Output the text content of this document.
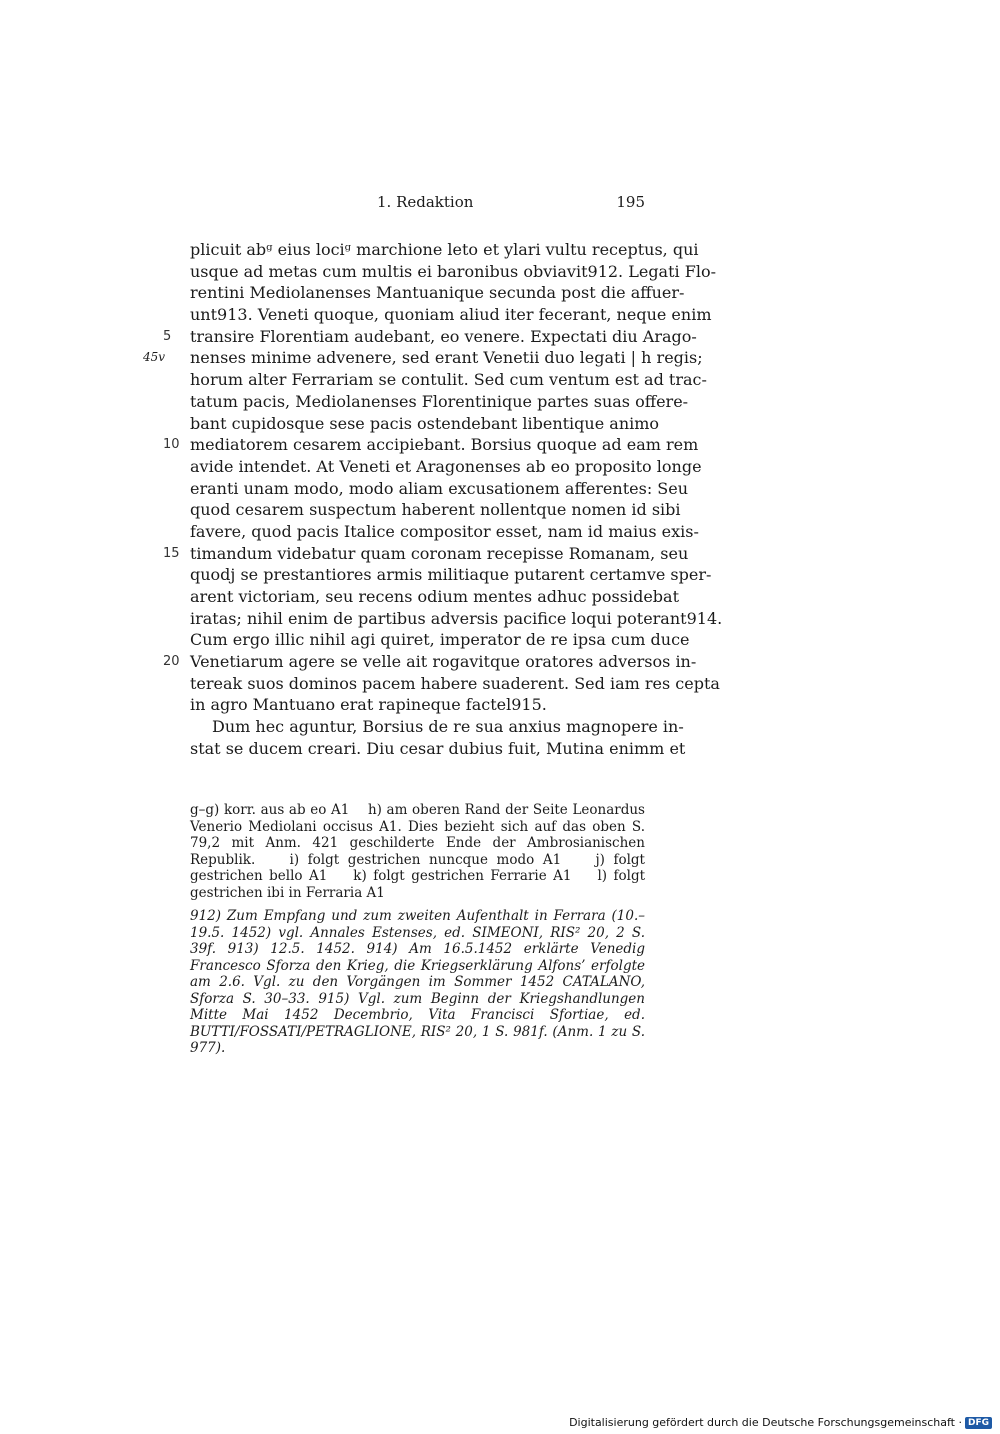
1. Redaktion	195
plicuit abᵍ eius lociᵍ marchione leto et ylari vultu receptus, qui
usque ad metas cum multis ei baronibus obviavit912. Legati Flo-
rentini Mediolanenses Mantuanique secunda post die affuer-
unt913. Veneti quoque, quoniam aliud iter fecerant, neque enim
5 transire Florentiam audebant, eo venere. Expectati diu Arago-
45v nenses minime advenere, sed erant Venetii duo legati | h regis;
horum alter Ferrariam se contulit. Sed cum ventum est ad trac-
tatum pacis, Mediolanenses Florentinique partes suas offere-
bant cupidosque sese pacis ostendebant libentique animo
10 mediatorem cesarem accipiebant. Borsius quoque ad eam rem
avide intendet. At Veneti et Aragonenses ab eo proposito longe
eranti unam modo, modo aliam excusationem afferentes: Seu
quod cesarem suspectum haberent nollentque nomen id sibi
favere, quod pacis Italice compositor esset, nam id maius exis-
15 timandum videbatur quam coronam recepisse Romanam, seu
quodj se prestantiores armis militiaque putarent certamve sper-
arent victoriam, seu recens odium mentes adhuc possidebat
iratas; nihil enim de partibus adversis pacifice loqui poterant914.
Cum ergo illic nihil agi quiret, imperator de re ipsa cum duce
20 Venetiarum agere se velle ait rogavitque oratores adversos in-
tereak suos dominos pacem habere suaderent. Sed iam res cepta
in agro Mantuano erat rapineque factel915.
Dum hec aguntur, Borsius de re sua anxius magnopere in-
stat se ducem creari. Diu cesar dubius fuit, Mutina enimm et
g–g) korr. aus ab eo A1 h) am oberen Rand der Seite Leonardus Venerio Mediolani occisus A1. Dies bezieht sich auf das oben S. 79,2 mit Anm. 421 geschilderte Ende der Ambrosianischen Republik.	i) folgt gestrichen nuncque modo A1	j) folgt gestrichen bello A1 k) folgt gestrichen Ferrarie A1 l) folgt gestrichen ibi in Ferraria A1
912) Zum Empfang und zum zweiten Aufenthalt in Ferrara (10.–19.5. 1452) vgl. Annales Estenses, ed. SIMEONI, RIS² 20, 2 S. 39f. 913) 12.5. 1452. 914) Am 16.5.1452 erklärte Venedig Francesco Sforza den Krieg, die Kriegserklärung Alfons’ erfolgte am 2.6. Vgl. zu den Vorgängen im Sommer 1452 CATALANO, Sforza S. 30–33. 915) Vgl. zum Beginn der Kriegshandlungen Mitte Mai 1452 Decembrio, Vita Francisci Sfortiae, ed. BUTTI/FOSSATI/PETRAGLIONE, RIS² 20, 1 S. 981f. (Anm. 1 zu S. 977).
Digitalisierung gefördert durch die Deutsche Forschungsgemeinschaft · DFG
